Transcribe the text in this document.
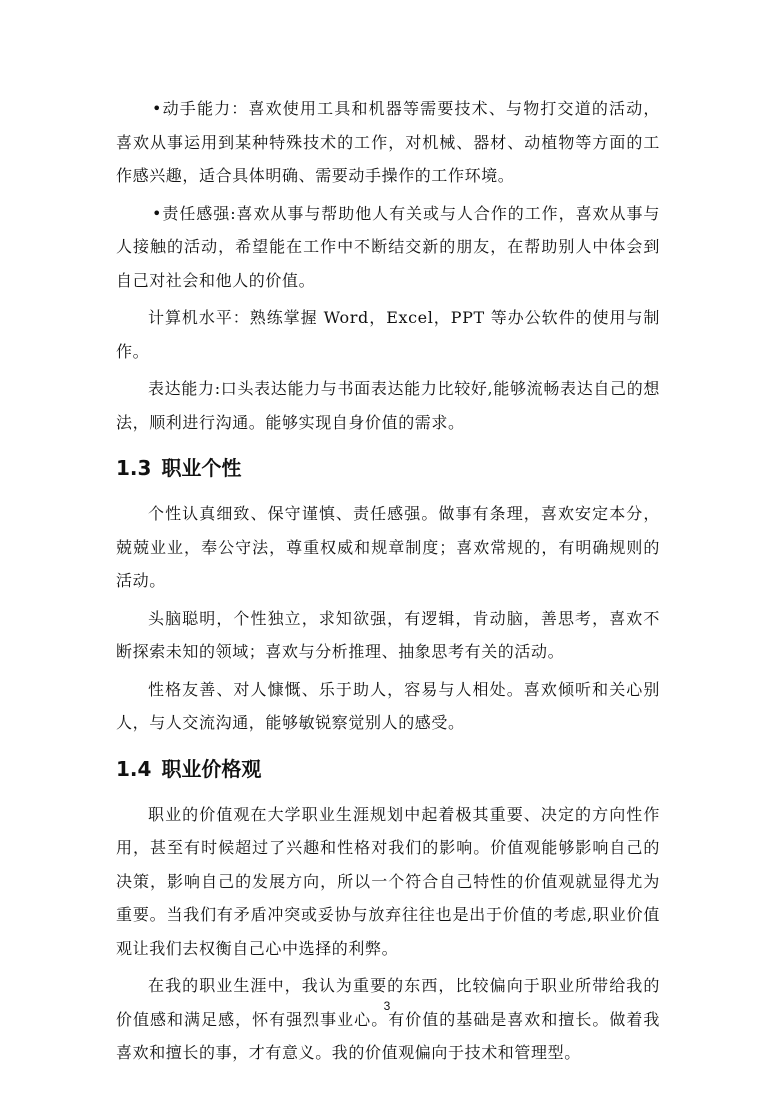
•动手能力：喜欢使用工具和机器等需要技术、与物打交道的活动，喜欢从事运用到某种特殊技术的工作，对机械、器材、动植物等方面的工作感兴趣，适合具体明确、需要动手操作的工作环境。

•责任感强:喜欢从事与帮助他人有关或与人合作的工作，喜欢从事与人接触的活动，希望能在工作中不断结交新的朋友，在帮助别人中体会到自己对社会和他人的价值。

计算机水平：熟练掌握 Word，Excel，PPT 等办公软件的使用与制作。

表达能力:口头表达能力与书面表达能力比较好,能够流畅表达自己的想法，顺利进行沟通。能够实现自身价值的需求。

1.3 职业个性

个性认真细致、保守谨慎、责任感强。做事有条理，喜欢安定本分，兢兢业业，奉公守法，尊重权威和规章制度；喜欢常规的，有明确规则的活动。

头脑聪明，个性独立，求知欲强，有逻辑，肯动脑，善思考，喜欢不断探索未知的领域；喜欢与分析推理、抽象思考有关的活动。

性格友善、对人慷慨、乐于助人，容易与人相处。喜欢倾听和关心别人，与人交流沟通，能够敏锐察觉别人的感受。

1.4 职业价格观

职业的价值观在大学职业生涯规划中起着极其重要、决定的方向性作用，甚至有时候超过了兴趣和性格对我们的影响。价值观能够影响自己的决策，影响自己的发展方向，所以一个符合自己特性的价值观就显得尤为重要。当我们有矛盾冲突或妥协与放弃往往也是出于价值的考虑,职业价值观让我们去权衡自己心中选择的利弊。

在我的职业生涯中，我认为重要的东西，比较偏向于职业所带给我的价值感和满足感，怀有强烈事业心。有价值的基础是喜欢和擅长。做着我喜欢和擅长的事，才有意义。我的价值观偏向于技术和管理型。

3
